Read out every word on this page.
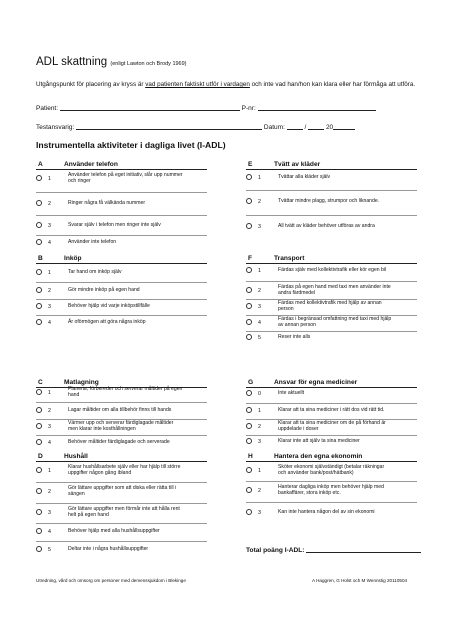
ADL skattning (enligt Lawton och Brody 1969)
Utgångspunkt för placering av kryss är vad patienten faktiskt utför i vardagen och inte vad han/hon kan klara eller har förmåga att utföra.
Patient:	P-nr:
Testansvarig:	Datum:	/	20
Instrumentella aktiviteter i dagliga livet (I-ADL)
A	Använder telefon
1
Använder telefon på eget initiativ, slår upp nummer och ringer
2	Ringer några få välkända nummer
3	Svarar själv i telefon men ringer inte själv
4	Använder inte telefon
E	Tvätt av kläder
1	Tvättar alla kläder själv
2	Tvättar mindre plagg, strumpor och liknande.
3	All tvätt av kläder behöver utföras av andra
B	Inköp
1	Tar hand om inköp själv
2	Gör mindre inköp på egen hand
3	Behöver hjälp vid varje inköpstillfälle
4	Är oförmögen att göra några inköp
F	Transport
1	Färdas själv med kollektivtrafik eller kör egen bil
2
Färdas på egen hand med taxi men använder inte andra färdmedel
3
Färdas med kollektivtrafik med hjälp av annan person
4
Färdas i begränsad omfattning med taxi med hjälp av annan person
5	Reser inte alls
C	Matlagning
1
Planerar, förbereder och serverar måltider på egen hand
2	Lagar måltider om alla tillbehör finns till hands
3
Värmer upp och serverar färdiglagade måltider men klarar inte kosthållningen
4	Behöver måltider färdiglagade och serverade
G	Ansvar för egna mediciner
0	Inte aktuellt
1	Klarar att ta sina mediciner i rätt dos vid rätt tid.
2
Klarar att ta sina mediciner om de på förhand är uppdelade i doser
3	Klarar inte att själv ta sina mediciner
D	Hushåll
1
Klarar hushållsarbete själv eller har hjälp till större uppgifter någon gång ibland
2
Gör lättare uppgifter som att diska eller rätta till i sängen
3
Gör lättare uppgifter men förmår inte att hålla rent helt på egen hand
4	Behöver hjälp med alla hushållsuppgifter
5	Deltar inte i några hushållsuppgifter
H	Hantera den egna ekonomin
1
Sköter ekonomi självständigt (betalar räkningar och använder bank/post/hätbank)
2
Hanterar dagliga inköp men behöver hjälp med bankaffärer, stora inköp etc.
3	Kan inte hantera någon del av sin ekonomi
Total poäng I-ADL:
Utredning, vård och omsorg om personer med demenssjukdom i Blekinge	A Haggren, G Holst och M Wennstig 20110504
